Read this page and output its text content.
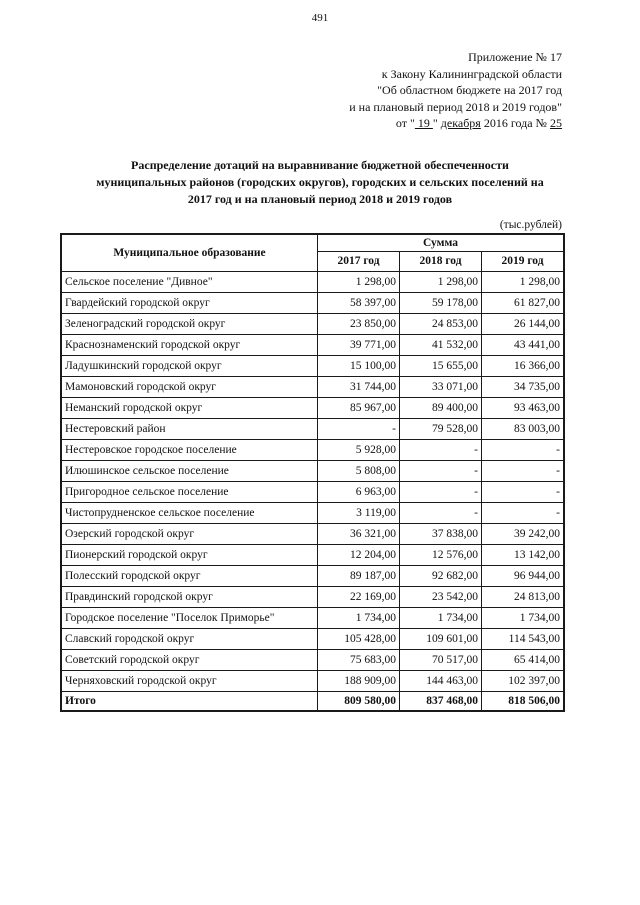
491
Приложение № 17
к Закону Калининградской области
"Об областном бюджете на 2017 год
и на плановый период 2018 и 2019 годов"
от " 19 " декабря 2016 года № 25
Распределение дотаций на выравнивание бюджетной обеспеченности
муниципальных районов (городских округов), городских и сельских поселений на
2017 год и на плановый период 2018 и 2019 годов
(тыс.рублей)
Муниципальное образование	Сумма		
	2017 год	2018 год	2019 год
Сельское поселение "Дивное"	1 298,00	1 298,00	1 298,00
Гвардейский городской округ	58 397,00	59 178,00	61 827,00
Зеленоградский городской округ	23 850,00	24 853,00	26 144,00
Краснознаменский городской округ	39 771,00	41 532,00	43 441,00
Ладушкинский городской округ	15 100,00	15 655,00	16 366,00
Мамоновский городской округ	31 744,00	33 071,00	34 735,00
Неманский городской округ	85 967,00	89 400,00	93 463,00
Нестеровский район	-	79 528,00	83 003,00
Нестеровское городское поселение	5 928,00	-	-
Илюшинское сельское поселение	5 808,00	-	-
Пригородное сельское поселение	6 963,00	-	-
Чистопрудненское сельское поселение	3 119,00	-	-
Озерский городской округ	36 321,00	37 838,00	39 242,00
Пионерский городской округ	12 204,00	12 576,00	13 142,00
Полесский городской округ	89 187,00	92 682,00	96 944,00
Правдинский городской округ	22 169,00	23 542,00	24 813,00
Городское поселение "Поселок Приморье"	1 734,00	1 734,00	1 734,00
Славский городской округ	105 428,00	109 601,00	114 543,00
Советский городской округ	75 683,00	70 517,00	65 414,00
Черняховский городской округ	188 909,00	144 463,00	102 397,00
Итого	809 580,00	837 468,00	818 506,00
